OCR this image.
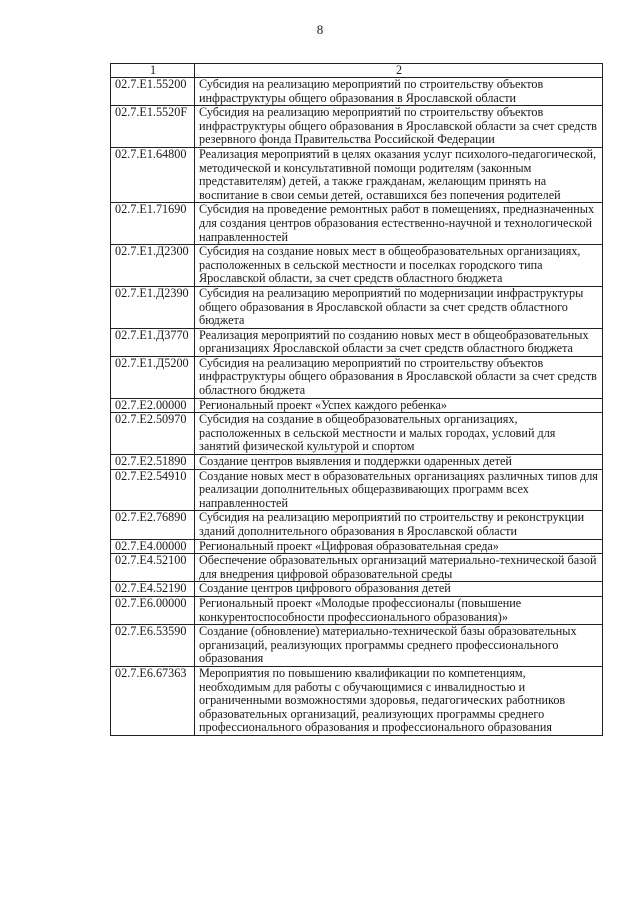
8
1	2
02.7.E1.55200	Субсидия на реализацию мероприятий по строительству объектов инфраструктуры общего образования в Ярославской области
02.7.E1.5520F	Субсидия на реализацию мероприятий по строительству объектов инфраструктуры общего образования в Ярославской области за счет средств резервного фонда Правительства Российской Федерации
02.7.E1.64800	Реализация мероприятий в целях оказания услуг психолого-педагогической, методической и консультативной помощи родителям (законным представителям) детей, а также гражданам, желающим принять на воспитание в свои семьи детей, оставшихся без попечения родителей
02.7.E1.71690	Субсидия на проведение ремонтных работ в помещениях, предназначенных для создания центров образования естественно-научной и технологической направленностей
02.7.E1.Д2300	Субсидия на создание новых мест в общеобразовательных организациях, расположенных в сельской местности и поселках городского типа Ярославской области, за счет средств областного бюджета
02.7.E1.Д2390	Субсидия на реализацию мероприятий по модернизации инфраструктуры общего образования в Ярославской области за счет средств областного бюджета
02.7.E1.Д3770	Реализация мероприятий по созданию новых мест в общеобразовательных организациях Ярославской области за счет средств областного бюджета
02.7.E1.Д5200	Субсидия на реализацию мероприятий по строительству объектов инфраструктуры общего образования в Ярославской области за счет средств областного бюджета
02.7.E2.00000	Региональный проект «Успех каждого ребенка»
02.7.E2.50970	Субсидия на создание в общеобразовательных организациях, расположенных в сельской местности и малых городах, условий для занятий физической культурой и спортом
02.7.E2.51890	Создание центров выявления и поддержки одаренных детей
02.7.E2.54910	Создание новых мест в образовательных организациях различных типов для реализации дополнительных общеразвивающих программ всех направленностей
02.7.E2.76890	Субсидия на реализацию мероприятий по строительству и реконструкции зданий дополнительного образования в Ярославской области
02.7.E4.00000	Региональный проект «Цифровая образовательная среда»
02.7.E4.52100	Обеспечение образовательных организаций материально-технической базой для внедрения цифровой образовательной среды
02.7.E4.52190	Создание центров цифрового образования детей
02.7.E6.00000	Региональный проект «Молодые профессионалы (повышение конкурентоспособности профессионального образования)»
02.7.E6.53590	Создание (обновление) материально-технической базы образовательных организаций, реализующих программы среднего профессионального образования
02.7.E6.67363	Мероприятия по повышению квалификации по компетенциям, необходимым для работы с обучающимися с инвалидностью и ограниченными возможностями здоровья, педагогических работников образовательных организаций, реализующих программы среднего профессионального образования и профессионального образования
